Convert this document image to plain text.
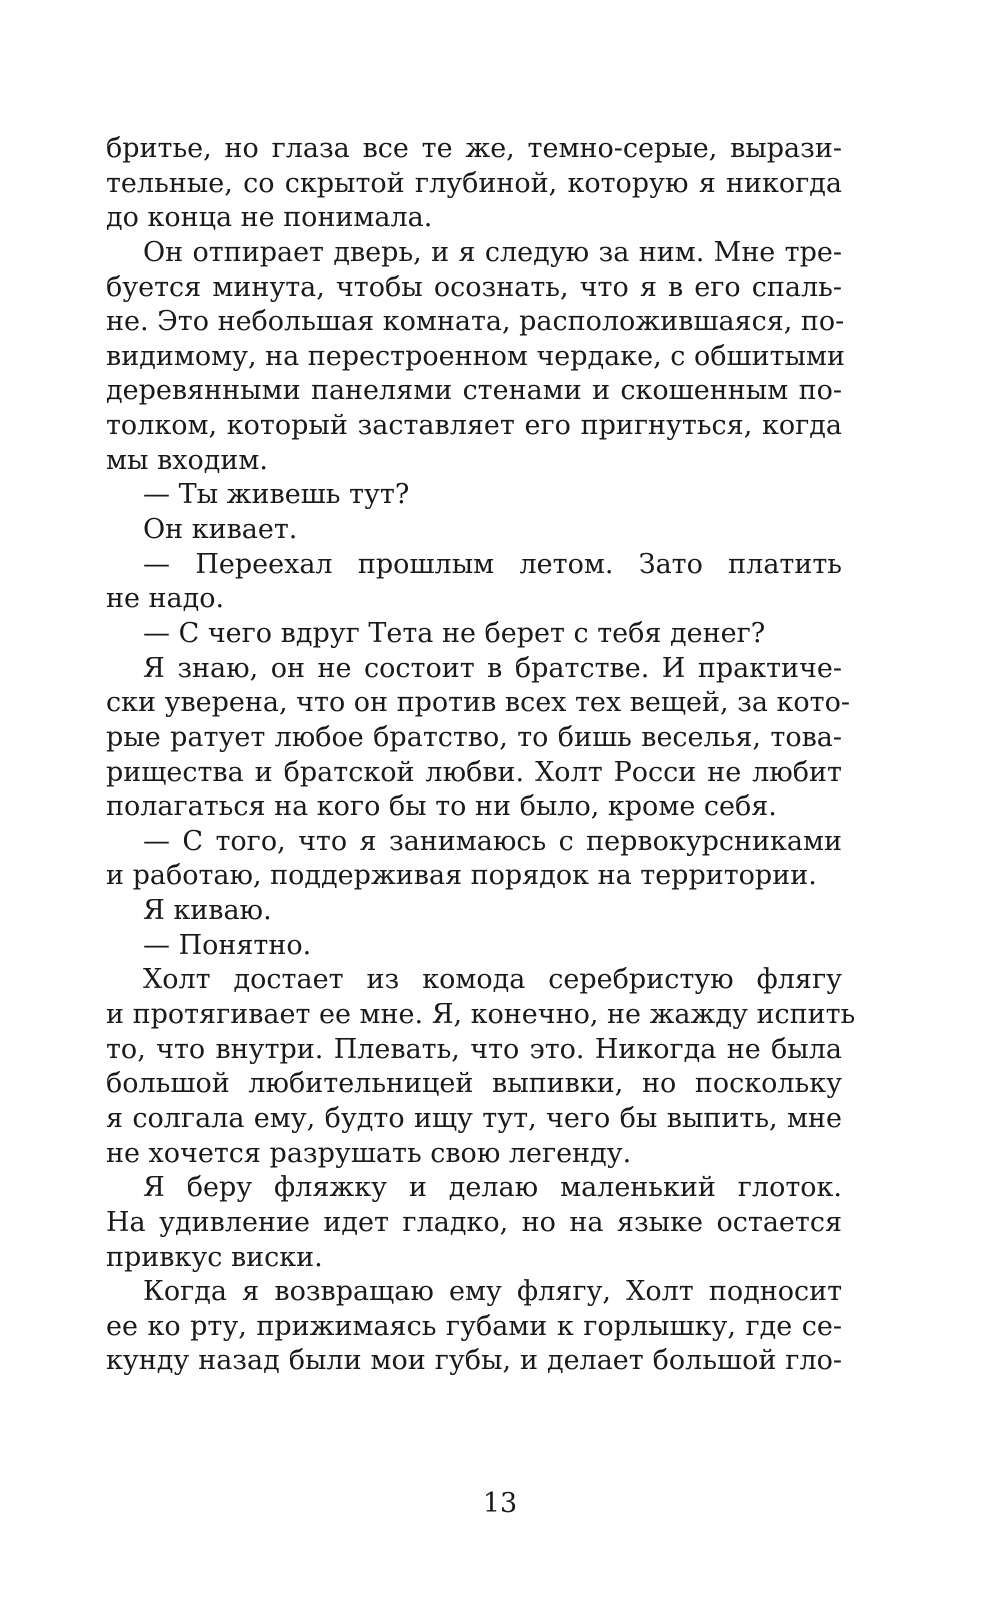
бритье, но глаза все те же, темно-серые, вырази-
тельные, со скрытой глубиной, которую я никогда
до конца не понимала.
Он отпирает дверь, и я следую за ним. Мне тре-
буется минута, чтобы осознать, что я в его спаль-
не. Это небольшая комната, расположившаяся, по-
видимому, на перестроенном чердаке, с обшитыми
деревянными панелями стенами и скошенным по-
толком, который заставляет его пригнуться, когда
мы входим.
— Ты живешь тут?
Он кивает.
— Переехал прошлым летом. Зато платить
не надо.
— С чего вдруг Тета не берет с тебя денег?
Я знаю, он не состоит в братстве. И практиче-
ски уверена, что он против всех тех вещей, за кото-
рые ратует любое братство, то бишь веселья, това-
рищества и братской любви. Холт Росси не любит
полагаться на кого бы то ни было, кроме себя.
— С того, что я занимаюсь с первокурсниками
и работаю, поддерживая порядок на территории.
Я киваю.
— Понятно.
Холт достает из комода серебристую флягу
и протягивает ее мне. Я, конечно, не жажду испить
то, что внутри. Плевать, что это. Никогда не была
большой любительницей выпивки, но поскольку
я солгала ему, будто ищу тут, чего бы выпить, мне
не хочется разрушать свою легенду.
Я беру фляжку и делаю маленький глоток.
На удивление идет гладко, но на языке остается
привкус виски.
Когда я возвращаю ему флягу, Холт подносит
ее ко рту, прижимаясь губами к горлышку, где се-
кунду назад были мои губы, и делает большой гло-
13
